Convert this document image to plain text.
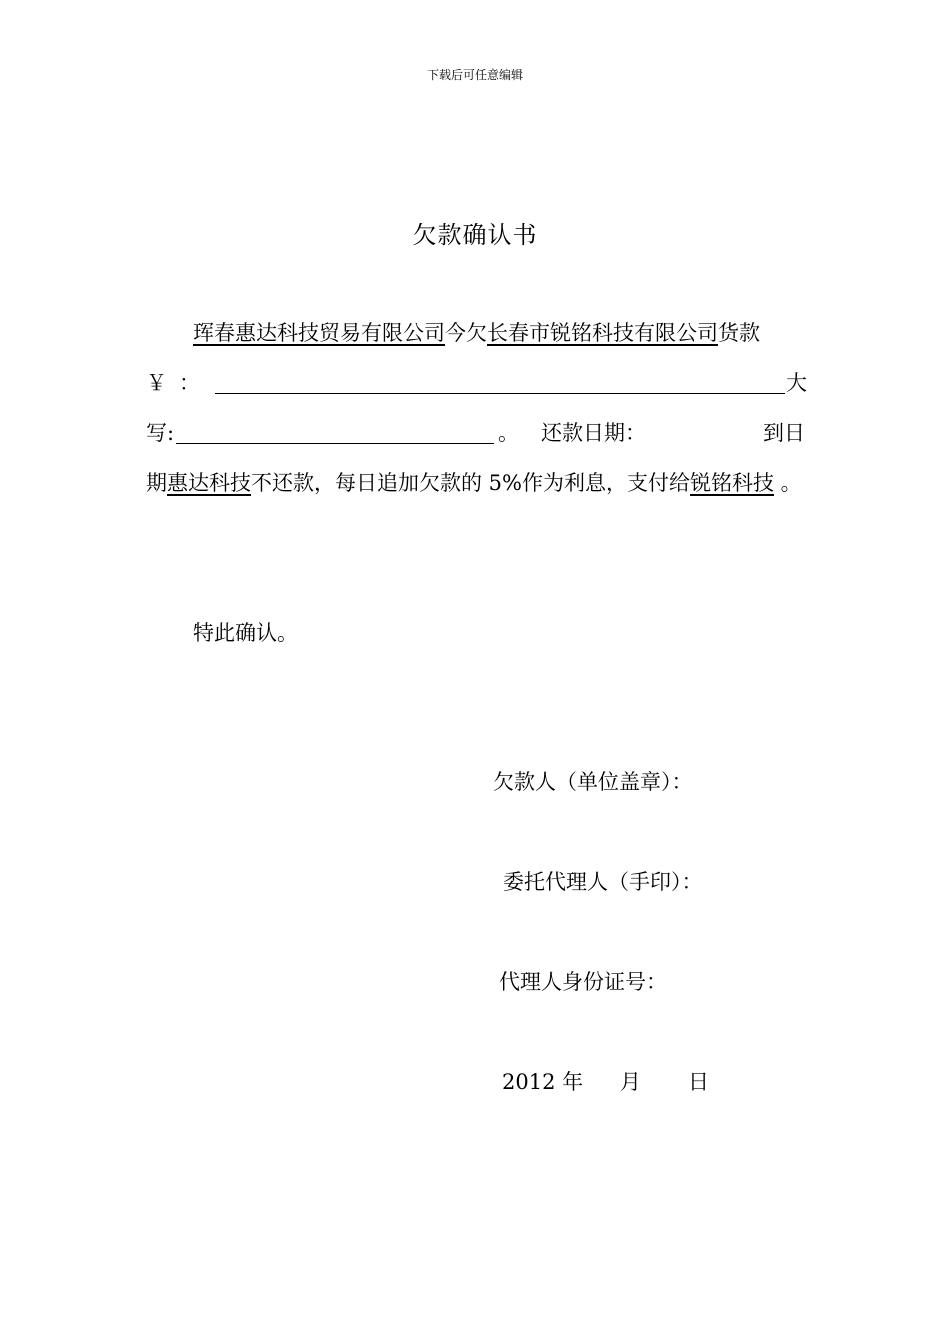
下载后可任意编辑
欠款确认书
珲春惠达科技贸易有限公司今欠长春市锐铭科技有限公司货款
￥ ：	大
写:	。 还款日期：	到日
期惠达科技不还款，每日追加欠款的 5%作为利息，支付给锐铭科技 。
特此确认。
欠款人（单位盖章）：
委托代理人（手印）：
代理人身份证号：
2012 年 月 日
